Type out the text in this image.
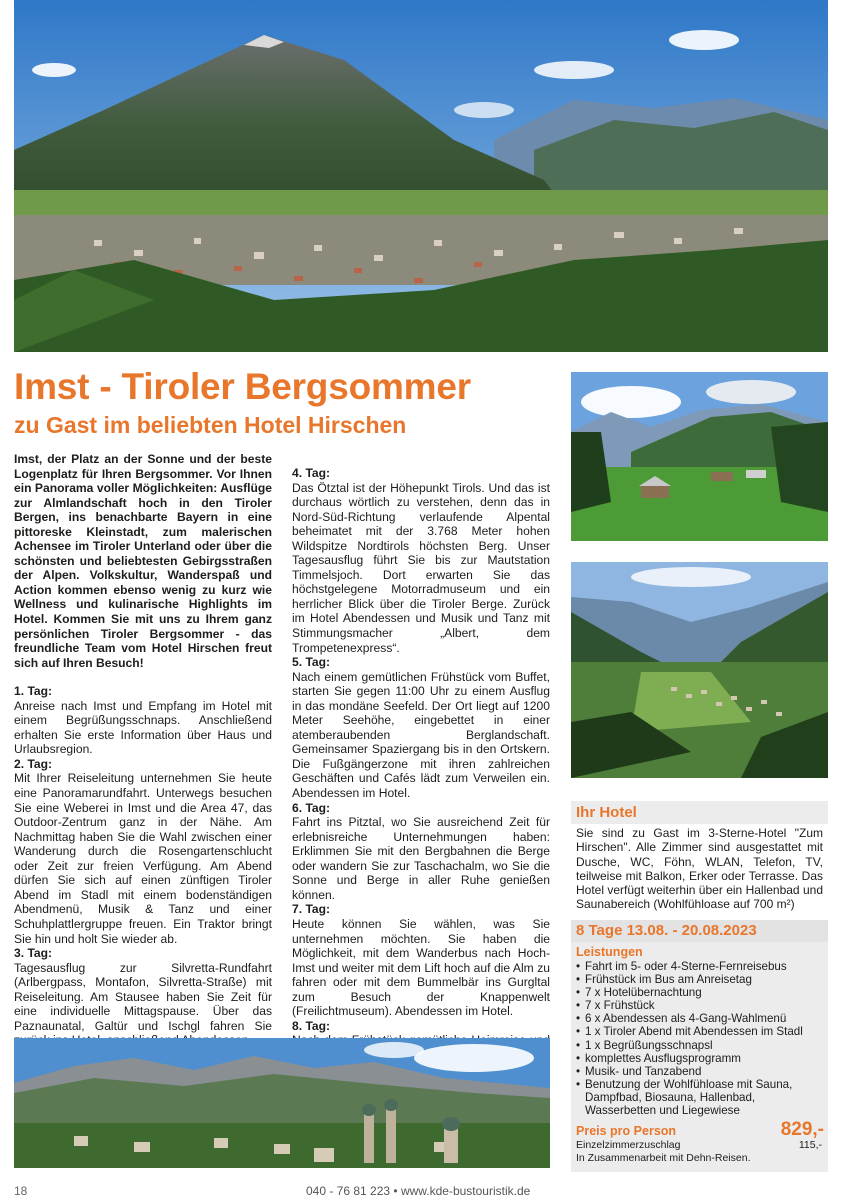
Imst - Tiroler Bergsommer
zu Gast im beliebten Hotel Hirschen

Imst, der Platz an der Sonne und der beste Logenplatz für Ihren Bergsommer. Vor Ihnen ein Panorama voller Möglichkeiten: Ausflüge zur Almlandschaft hoch in den Tiroler Bergen, ins benachbarte Bayern in eine pittoreske Kleinstadt, zum malerischen Achensee im Tiroler Unterland oder über die schönsten und beliebtesten Gebirgsstraßen der Alpen. Volkskultur, Wanderspaß und Action kommen ebenso wenig zu kurz wie Wellness und kulinarische Highlights im Hotel. Kommen Sie mit uns zu Ihrem ganz persönlichen Tiroler Bergsommer - das freundliche Team vom Hotel Hirschen freut sich auf Ihren Besuch!

1. Tag:

Anreise nach Imst und Empfang im Hotel mit einem Begrüßungsschnaps. Anschließend erhalten Sie erste Information über Haus und Urlaubsregion.

2. Tag:

Mit Ihrer Reiseleitung unternehmen Sie heute eine Panoramarundfahrt. Unterwegs besuchen Sie eine Weberei in Imst und die Area 47, das Outdoor-Zentrum ganz in der Nähe. Am Nachmittag haben Sie die Wahl zwischen einer Wanderung durch die Rosengartenschlucht oder Zeit zur freien Verfügung. Am Abend dürfen Sie sich auf einen zünftigen Tiroler Abend im Stadl mit einem bodenständigen Abendmenü, Musik & Tanz und einer Schuhplattlergruppe freuen. Ein Traktor bringt Sie hin und holt Sie wieder ab.

3. Tag:

Tagesausflug zur Silvretta-Rundfahrt (Arlbergpass, Montafon, Silvretta-Straße) mit Reiseleitung. Am Stausee haben Sie Zeit für eine individuelle Mittagspause. Über das Paznaunatal, Galtür und Ischgl fahren Sie

4. Tag:

Das Ötztal ist der Höhepunkt Tirols. Und das ist durchaus wörtlich zu verstehen, denn das in Nord-Süd-Richtung verlaufende Alpental beheimatet mit der 3.768 Meter hohen Wildspitze Nordtirols höchsten Berg. Unser Tagesausflug führt Sie bis zur Mautstation Timmelsjoch. Dort erwarten Sie das höchstgelegene Motorradmuseum und ein herrlicher Blick über die Tiroler Berge. Zurück im Hotel Abendessen und Musik und Tanz mit Stimmungsmacher „Albert, dem Trompetenexpress“.

5. Tag:

Nach einem gemütlichen Frühstück vom Buffet, starten Sie gegen 11:00 Uhr zu einem Ausflug in das mondäne Seefeld. Der Ort liegt auf 1200 Meter Seehöhe, eingebettet in einer atemberaubenden Berglandschaft. Gemeinsamer Spaziergang bis in den Ortskern. Die Fußgängerzone mit ihren zahlreichen Geschäften und Cafés lädt zum Verweilen ein. Abendessen im Hotel.

6. Tag:

Fahrt ins Pitztal, wo Sie ausreichend Zeit für erlebnisreiche Unternehmungen haben: Erklimmen Sie mit den Bergbahnen die Berge oder wandern Sie zur Taschachalm, wo Sie die Sonne und Berge in aller Ruhe genießen können.

7. Tag:

Heute können Sie wählen, was Sie unternehmen möchten. Sie haben die Möglichkeit, mit dem Wanderbus nach Hoch-Imst und weiter mit dem Lift hoch auf die Alm zu fahren oder mit dem Bummelbär ins Gurgltal zum Besuch der Knappenwelt (Freilichtmuseum). Abendessen im Hotel.

8. Tag:

Ihr Hotel
Sie sind zu Gast im 3-Sterne-Hotel "Zum Hirschen". Alle Zimmer sind ausgestattet mit Dusche, WC, Föhn, WLAN, Telefon, TV, teilweise mit Balkon, Erker oder Terrasse. Das Hotel verfügt weiterhin über ein Hallenbad und Saunabereich (Wohlfühloase auf 700 m²)
8 Tage 13.08. - 20.08.2023
Leistungen
• Fahrt im 5- oder 4-Sterne-Fernreisebus
• Frühstück im Bus am Anreisetag
• 7 x Hotelübernachtung
• 7 x Frühstück
• 6 x Abendessen als 4-Gang-Wahlmenü
• 1 x Tiroler Abend mit Abendessen im Stadl
• 1 x Begrüßungsschnapsl
• komplettes Ausflugsprogramm
• Musik- und Tanzabend
• Benutzung der Wohlfühloase mit Sauna, Dampfbad, Biosauna, Hallenbad, Wasserbetten und Liegewiese
Preis pro Person	829,-
Einzelzimmerzuschlag	115,-
In Zusammenarbeit mit Dehn-Reisen.
18	040 - 76 81 223 • www.kde-bustouristik.de
